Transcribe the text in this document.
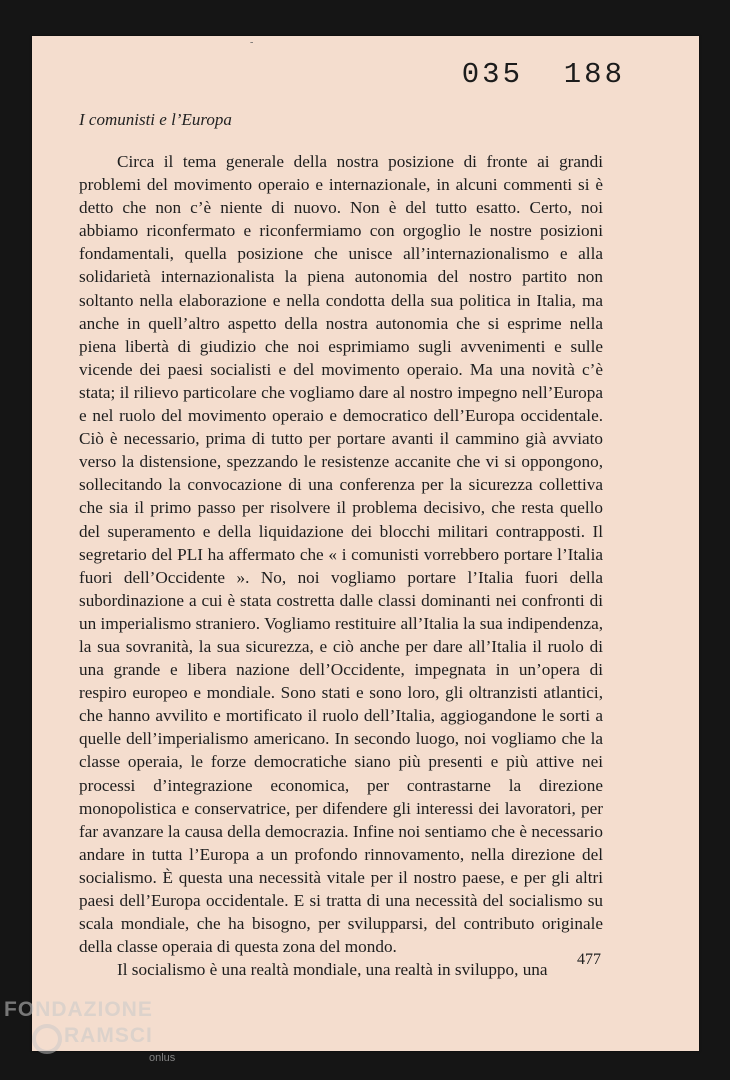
-
035  188
I comunisti e l’Europa

Circa il tema generale della nostra posizione di fronte ai grandi problemi del movimento operaio e internazionale, in alcuni commenti si è detto che non c’è niente di nuovo. Non è del tutto esatto. Certo, noi abbiamo riconfermato e riconfermiamo con orgoglio le nostre posizioni fondamentali, quella posizione che unisce all’internazionalismo e alla solidarietà internazionalista la piena autonomia del nostro partito non soltanto nella elaborazione e nella condotta della sua politica in Italia, ma anche in quell’altro aspetto della nostra autonomia che si esprime nella piena libertà di giudizio che noi esprimiamo sugli avvenimenti e sulle vicende dei paesi socialisti e del movimento operaio. Ma una novità c’è stata; il rilievo particolare che vogliamo dare al nostro impegno nell’Europa e nel ruolo del movimento operaio e democratico dell’Europa occidentale. Ciò è necessario, prima di tutto per portare avanti il cammino già avviato verso la distensione, spezzando le resistenze accanite che vi si oppongono, sollecitando la convocazione di una conferenza per la sicurezza collettiva che sia il primo passo per risolvere il problema decisivo, che resta quello del superamento e della liquidazione dei blocchi militari contrapposti. Il segretario del PLI ha affermato che « i comunisti vorrebbero portare l’Italia fuori dell’Occidente ». No, noi vogliamo portare l’Italia fuori della subordinazione a cui è stata costretta dalle classi dominanti nei confronti di un imperialismo straniero. Vogliamo restituire all’Italia la sua indipendenza, la sua sovranità, la sua sicurezza, e ciò anche per dare all’Italia il ruolo di una grande e libera nazione dell’Occidente, impegnata in un’opera di respiro europeo e mondiale. Sono stati e sono loro, gli oltranzisti atlantici, che hanno avvilito e mortificato il ruolo dell’Italia, aggiogandone le sorti a quelle dell’imperialismo americano. In secondo luogo, noi vogliamo che la classe operaia, le forze democratiche siano più presenti e più attive nei processi d’integrazione economica, per contrastarne la direzione monopolistica e conservatrice, per difendere gli interessi dei lavoratori, per far avanzare la causa della democrazia. Infine noi sentiamo che è necessario andare in tutta l’Europa a un profondo rinnovamento, nella direzione del socialismo. È questa una necessità vitale per il nostro paese, e per gli altri paesi dell’Europa occidentale. E si tratta di una necessità del socialismo su scala mondiale, che ha bisogno, per svilupparsi, del contributo originale della classe operaia di questa zona del mondo.

Il socialismo è una realtà mondiale, una realtà in sviluppo, una

477
FONDAZIONE
RAMSCI
onlus
